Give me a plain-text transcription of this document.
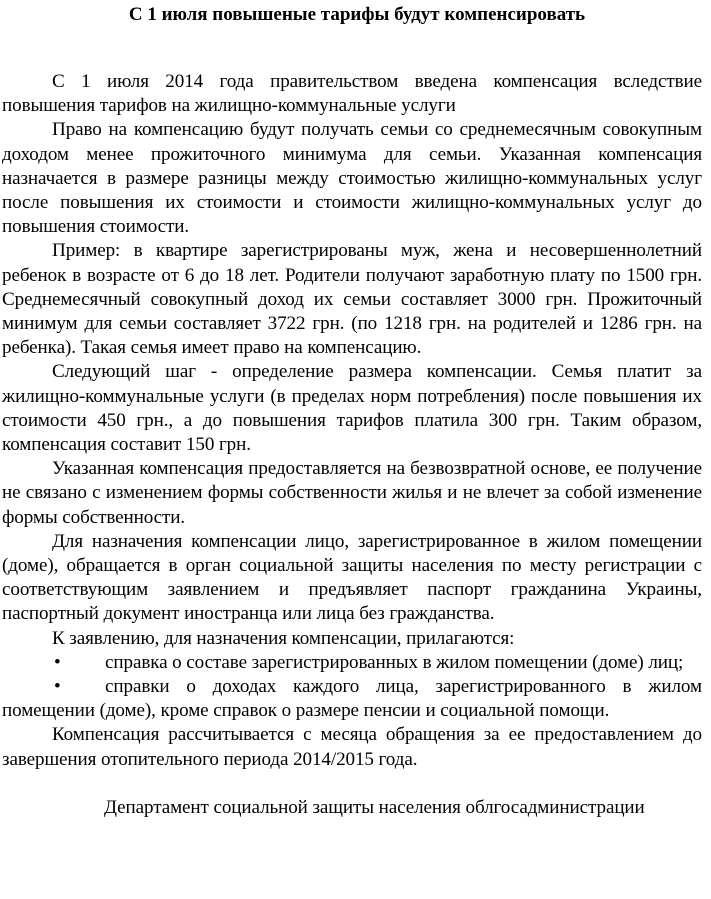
С 1 июля повышеные тарифы будут компенсировать

С 1 июля 2014 года правительством введена компенсация вследствие повышения тарифов на жилищно-коммунальные услуги

Право на компенсацию будут получать семьи со среднемесячным совокупным доходом менее прожиточного минимума для семьи. Указанная компенсация назначается в размере разницы между стоимостью жилищно-коммунальных услуг после повышения их стоимости и стоимости жилищно-коммунальных услуг до повышения стоимости.

Пример: в квартире зарегистрированы муж, жена и несовершеннолетний ребенок в возрасте от 6 до 18 лет. Родители получают заработную плату по 1500 грн. Среднемесячный совокупный доход их семьи составляет 3000 грн. Прожиточный минимум для семьи составляет 3722 грн. (по 1218 грн. на родителей и 1286 грн. на ребенка). Такая семья имеет право на компенсацию.

Следующий шаг - определение размера компенсации. Семья платит за жилищно-коммунальные услуги (в пределах норм потребления) после повышения их стоимости 450 грн., а до повышения тарифов платила 300 грн. Таким образом, компенсация составит 150 грн.

Указанная компенсация предоставляется на безвозвратной основе, ее получение не связано с изменением формы собственности жилья и не влечет за собой изменение формы собственности.

Для назначения компенсации лицо, зарегистрированное в жилом помещении (доме), обращается в орган социальной защиты населения по месту регистрации с соответствующим заявлением и предъявляет паспорт гражданина Украины, паспортный документ иностранца или лица без гражданства.

К заявлению, для назначения компенсации, прилагаются:

• справка о составе зарегистрированных в жилом помещении (доме) лиц;
• справки о доходах каждого лица, зарегистрированного в жилом помещении (доме), кроме справок о размере пенсии и социальной помощи.

Компенсация рассчитывается с месяца обращения за ее предоставлением до завершения отопительного периода 2014/2015 года.

Департамент социальной защиты населения облгосадминистрации
